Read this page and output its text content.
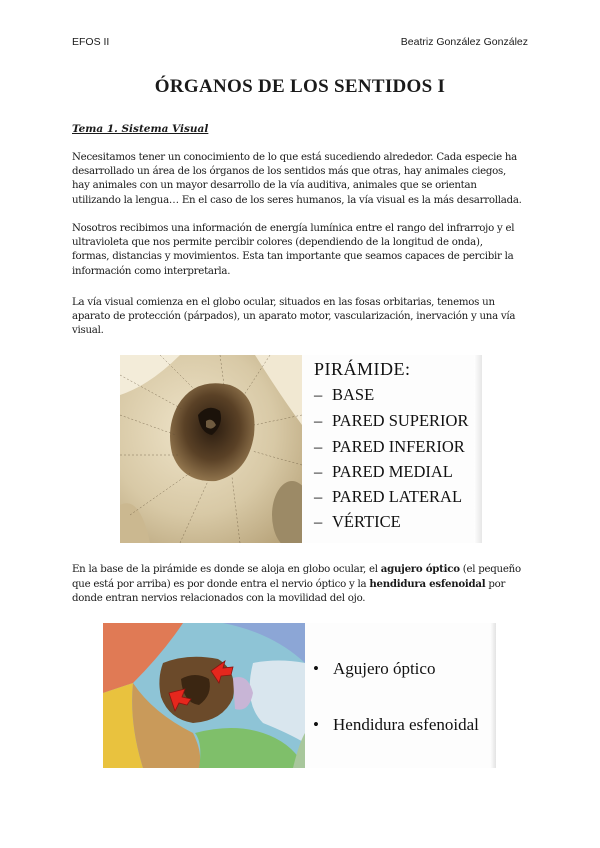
EFOS II	Beatriz González González
ÓRGANOS DE LOS SENTIDOS I
Tema 1. Sistema Visual
Necesitamos tener un conocimiento de lo que está sucediendo alrededor. Cada especie ha desarrollado un área de los órganos de los sentidos más que otras, hay animales ciegos, hay animales con un mayor desarrollo de la vía auditiva, animales que se orientan utilizando la lengua… En el caso de los seres humanos, la vía visual es la más desarrollada.
Nosotros recibimos una información de energía lumínica entre el rango del infrarrojo y el ultravioleta que nos permite percibir colores (dependiendo de la longitud de onda), formas, distancias y movimientos. Esta tan importante que seamos capaces de percibir la información como interpretarla.
La vía visual comienza en el globo ocular, situados en las fosas orbitarias, tenemos un aparato de protección (párpados), un aparato motor, vascularización, inervación y una vía visual.
PIRÁMIDE:
– BASE
– PARED SUPERIOR
– PARED INFERIOR
– PARED MEDIAL
– PARED LATERAL
– VÉRTICE
En la base de la pirámide es donde se aloja en globo ocular, el agujero óptico (el pequeño que está por arriba) es por donde entra el nervio óptico y la hendidura esfenoidal por donde entran nervios relacionados con la movilidad del ojo.
• Agujero óptico
• Hendidura esfenoidal
